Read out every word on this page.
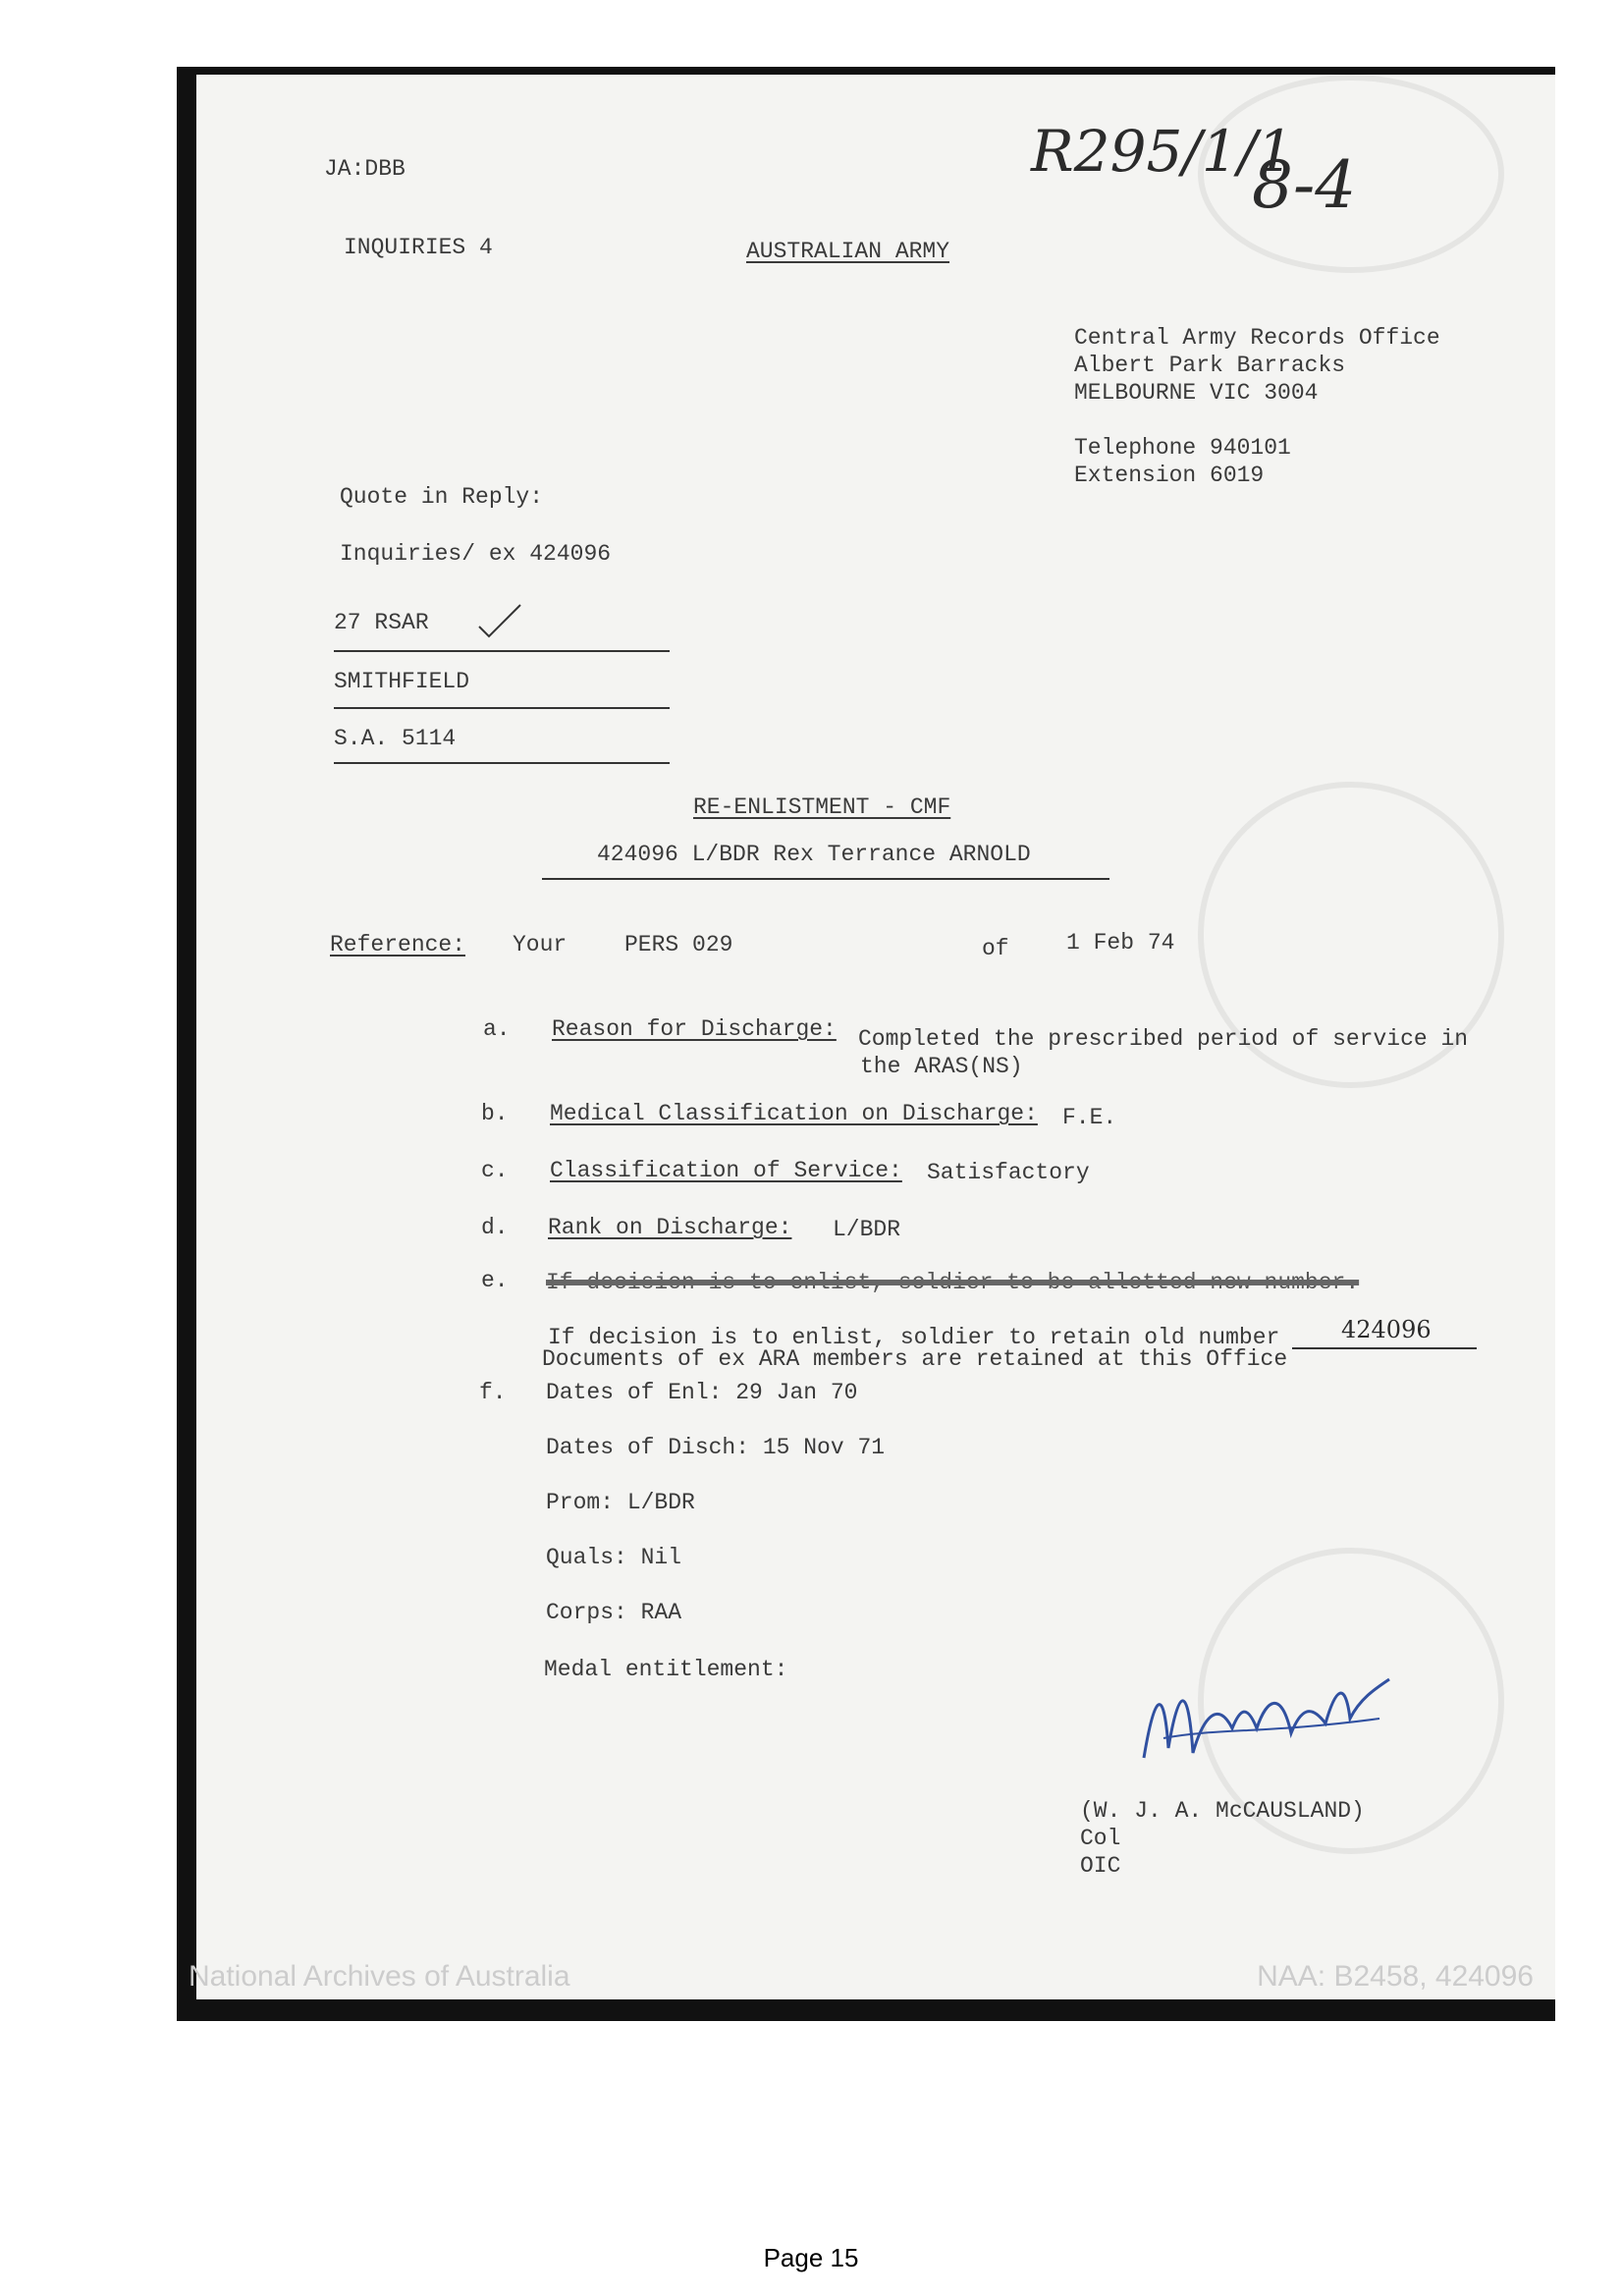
JA:DBB
INQUIRIES 4	AUSTRALIAN ARMY
R295/1/1
8-4
Central Army Records Office
Albert Park Barracks
MELBOURNE VIC 3004
Telephone 940101
Extension 6019
Quote in Reply:
Inquiries/ ex 424096
27 RSAR
SMITHFIELD
S.A. 5114
RE-ENLISTMENT - CMF
424096 L/BDR Rex Terrance ARNOLD
Reference: Your	PERS 029	of	1 Feb 74
a. Reason for Discharge: Completed the prescribed period of service in
the ARAS(NS)
b. Medical Classification on Discharge: F.E.
c. Classification of Service: Satisfactory
d. Rank on Discharge: L/BDR
e. If decision is to enlist, soldier to be allotted new number.
If decision is to enlist, soldier to retain old number	424096
Documents of ex ARA members are retained at this Office
f. Dates of Enl: 29 Jan 70
Dates of Disch: 15 Nov 71
Prom: L/BDR
Quals: Nil
Corps: RAA
Medal entitlement:
(W. J. A. McCAUSLAND)
Col
OIC
National Archives of Australia	NAA: B2458, 424096
Page 15
